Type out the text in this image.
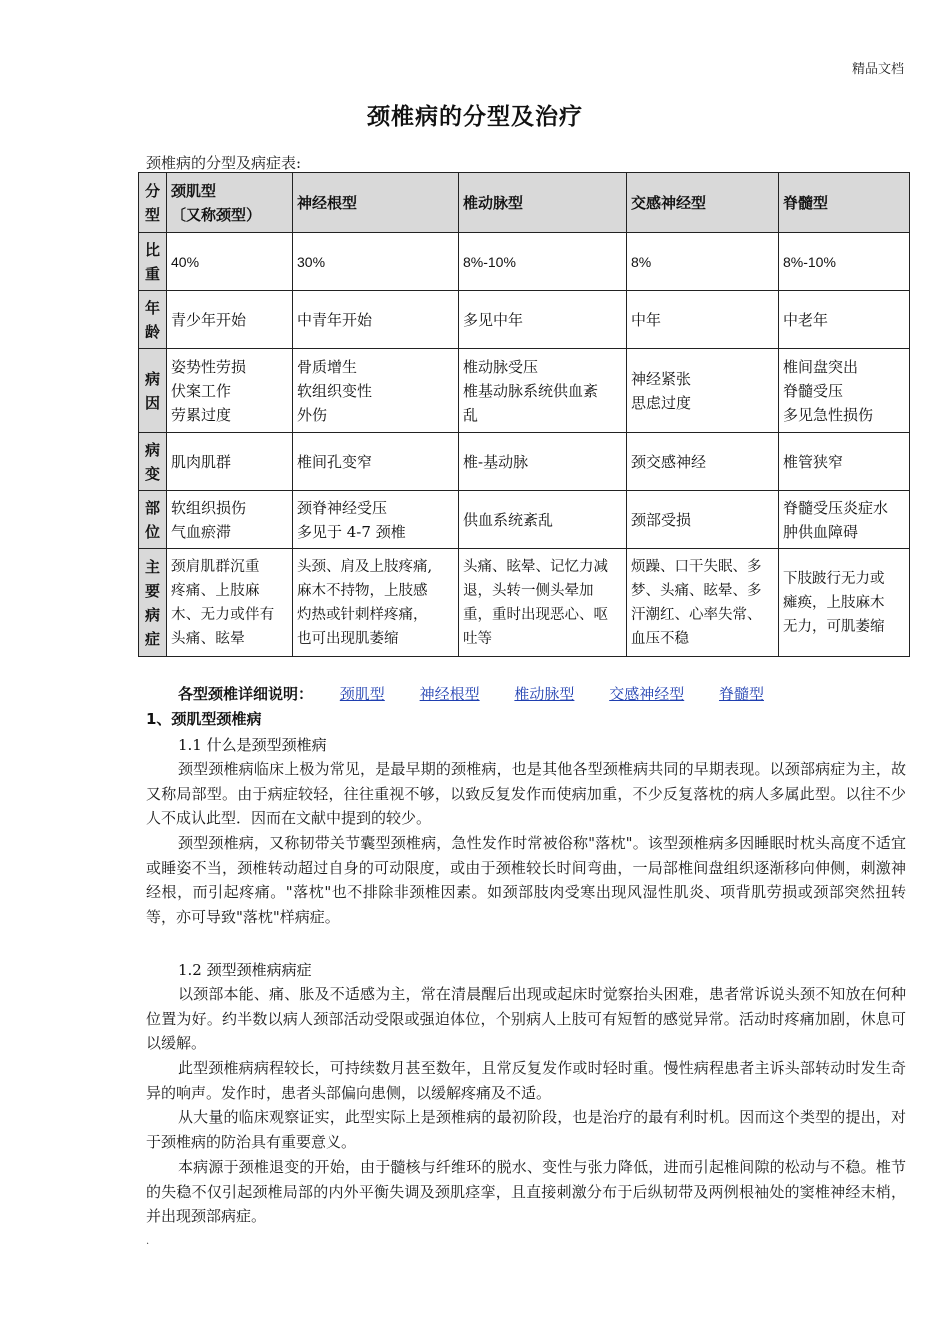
精品文档
颈椎病的分型及治疗
颈椎病的分型及病症表:
分
型	颈肌型
〔又称颈型）	神经根型	椎动脉型	交感神经型	脊髓型

比
重	40%	30%	8%-10%	8%	8%-10%

年
龄	青少年开始	中青年开始	多见中年	中年	中老年

病
因	姿势性劳损
伏案工作
劳累过度	骨质增生
软组织变性
外伤	椎动脉受压
椎基动脉系统供血紊
乱	神经紧张
思虑过度	椎间盘突出
脊髓受压
多见急性损伤

病
变	肌肉肌群	椎间孔变窄	椎-基动脉	颈交感神经	椎管狭窄

部
位	软组织损伤
气血瘀滞	颈脊神经受压
多见于 4-7 颈椎	供血系统紊乱	颈部受损	脊髓受压炎症水
肿供血障碍

主
要
病
症	颈肩肌群沉重
疼痛、上肢麻
木、无力或伴有
头痛、眩晕	头颈、肩及上肢疼痛,
麻木不持物，上肢感
灼热或针刺样疼痛，
也可出现肌萎缩	头痛、眩晕、记忆力减
退，头转一侧头晕加
重，重时出现恶心、呕
吐等	烦躁、口干失眠、多
梦、头痛、眩晕、多
汗潮红、心率失常、
血压不稳	下肢跛行无力或
瘫痪，上肢麻木
无力，可肌萎缩
各型颈椎详细说明： 颈肌型 神经根型 椎动脉型 交感神经型 脊髓型
1、颈肌型颈椎病
1.1 什么是颈型颈椎病
颈型颈椎病临床上极为常见，是最早期的颈椎病，也是其他各型颈椎病共同的早期表现。以颈部病症为主，故又称局部型。由于病症较轻，往往重视不够，以致反复发作而使病加重，不少反复落枕的病人多属此型。以往不少人不成认此型．因而在文献中提到的较少。
颈型颈椎病，又称韧带关节囊型颈椎病，急性发作时常被俗称"落枕"。该型颈椎病多因睡眠时枕头高度不适宜或睡姿不当，颈椎转动超过自身的可动限度，或由于颈椎较长时间弯曲，一局部椎间盘组织逐渐移向伸侧，刺激神经根，而引起疼痛。"落枕"也不排除非颈椎因素。如颈部肢肉受寒出现风湿性肌炎、项背肌劳损或颈部突然扭转等，亦可导致"落枕"样病症。
1.2 颈型颈椎病病症
以颈部本能、痛、胀及不适感为主，常在清晨醒后出现或起床时觉察抬头困难，患者常诉说头颈不知放在何种位置为好。约半数以病人颈部活动受限或强迫体位，个别病人上肢可有短暂的感觉异常。活动时疼痛加剧，休息可以缓解。
此型颈椎病病程较长，可持续数月甚至数年，且常反复发作或时轻时重。慢性病程患者主诉头部转动时发生奇异的响声。发作时，患者头部偏向患侧，以缓解疼痛及不适。
从大量的临床观察证实，此型实际上是颈椎病的最初阶段，也是治疗的最有利时机。因而这个类型的提出，对于颈椎病的防治具有重要意义。
本病源于颈椎退变的开始，由于髓核与纤维环的脱水、变性与张力降低，进而引起椎间隙的松动与不稳。椎节的失稳不仅引起颈椎局部的内外平衡失调及颈肌痉挛，且直接刺激分布于后纵韧带及两例根袖处的窦椎神经末梢，并出现颈部病症。
.
